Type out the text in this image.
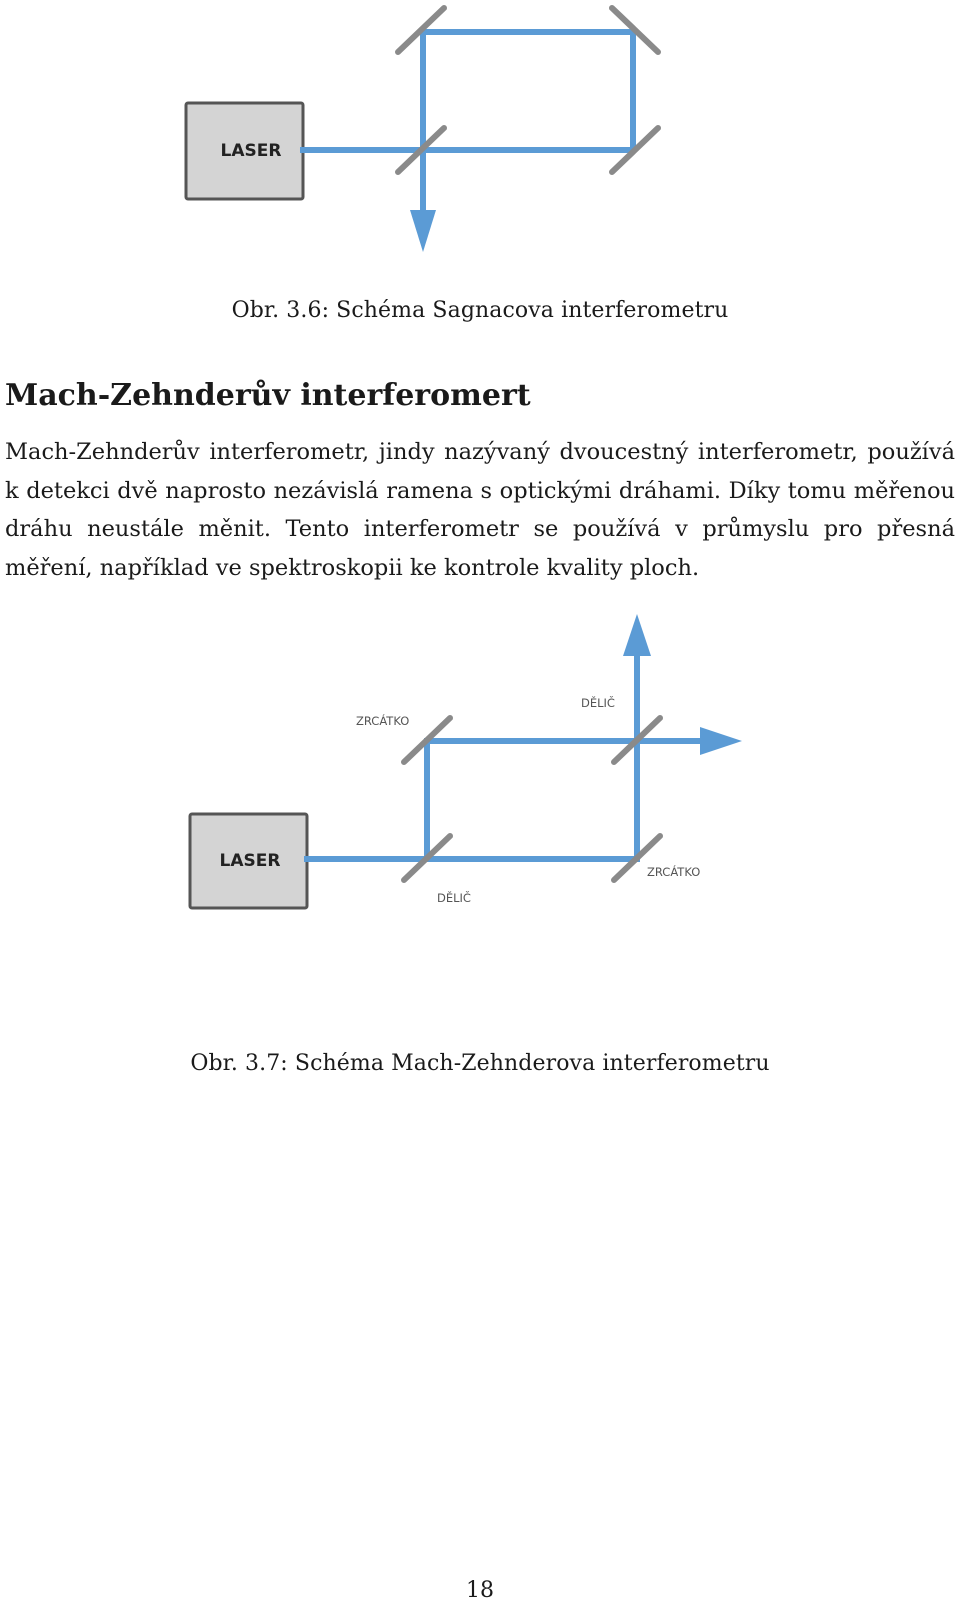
LASER
Obr. 3.6: Schéma Sagnacova interferometru
Mach-Zehnderův interferomert
Mach-Zehnderův interferometr, jindy nazývaný dvoucestný interferometr, používá k detekci dvě naprosto nezávislá ramena s optickými dráhami. Díky tomu měřenou dráhu neustále měnit. Tento interferometr se používá v průmyslu pro přesná měření, například ve spektroskopii ke kontrole kvality ploch.
LASER
ZRCÁTKO
DĚLIČ
ZRCÁTKO
DĚLIČ
Obr. 3.7: Schéma Mach-Zehnderova interferometru
18
